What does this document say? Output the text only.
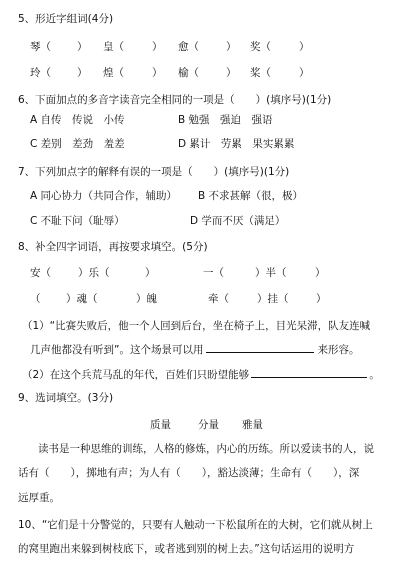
5、形近字组词(4分)
琴（ ） 皇（	） 愈（	） 奖（	）
玲（ ） 煌（	） 榆（	） 桨（	）
6、下面加点的多音字读音完全相同的一项是（　　）(填序号)(1分)
A 自传　传说　小传	B 勉强　强迫　强语
C 差别　差劲　羞差	D 累计　劳累　果实累累
7、下列加点字的解释有误的一项是（　　）(填序号)(1分)
A 同心协力（共同合作，辅助） B 不求甚解（很，极）
C 不耻下问（耻辱）	D 学而不厌（满足）
8、补全四字词语，再按要求填空。(5分)
安（	）乐（	）	一（	）半（	）
（ ）魂（	）魄	牵（	）挂（	）
（1）“比赛失败后，他一个人回到后台，坐在椅子上，目光呆滞，队友连喊
几声他都没有听到”。这个场景可以用	来形容。
（2）在这个兵荒马乱的年代，百姓们只盼望能够	。
9、选词填空。(3分)
质量	分量 雅量
读书是一种思维的训练，人格的修炼，内心的历练。所以爱读书的人，说
话有（　　），掷地有声；为人有（　　），豁达淡薄；生命有（　　），深
远厚重。
10、“它们是十分警觉的，只要有人触动一下松鼠所在的大树，它们就从树上
的窝里跑出来躲到树枝底下，或者逃到别的树上去。”这句话运用的说明方
